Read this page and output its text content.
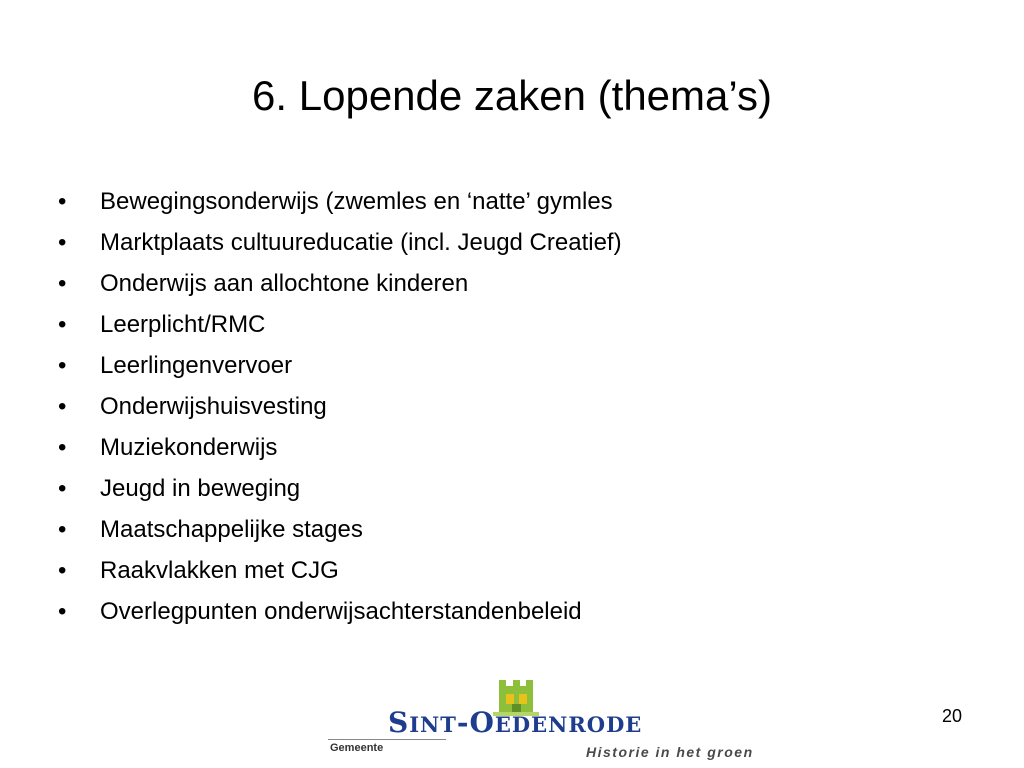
6. Lopende zaken (thema’s)
• Bewegingsonderwijs (zwemles en ‘natte’ gymles
• Marktplaats cultuureducatie (incl. Jeugd Creatief)
• Onderwijs aan allochtone kinderen
• Leerplicht/RMC
• Leerlingenvervoer
• Onderwijshuisvesting
• Muziekonderwijs
• Jeugd in beweging
• Maatschappelijke stages
• Raakvlakken met CJG
• Overlegpunten onderwijsachterstandenbeleid
20
SINT-OEDENRODE
Gemeente	Historie in het groen
